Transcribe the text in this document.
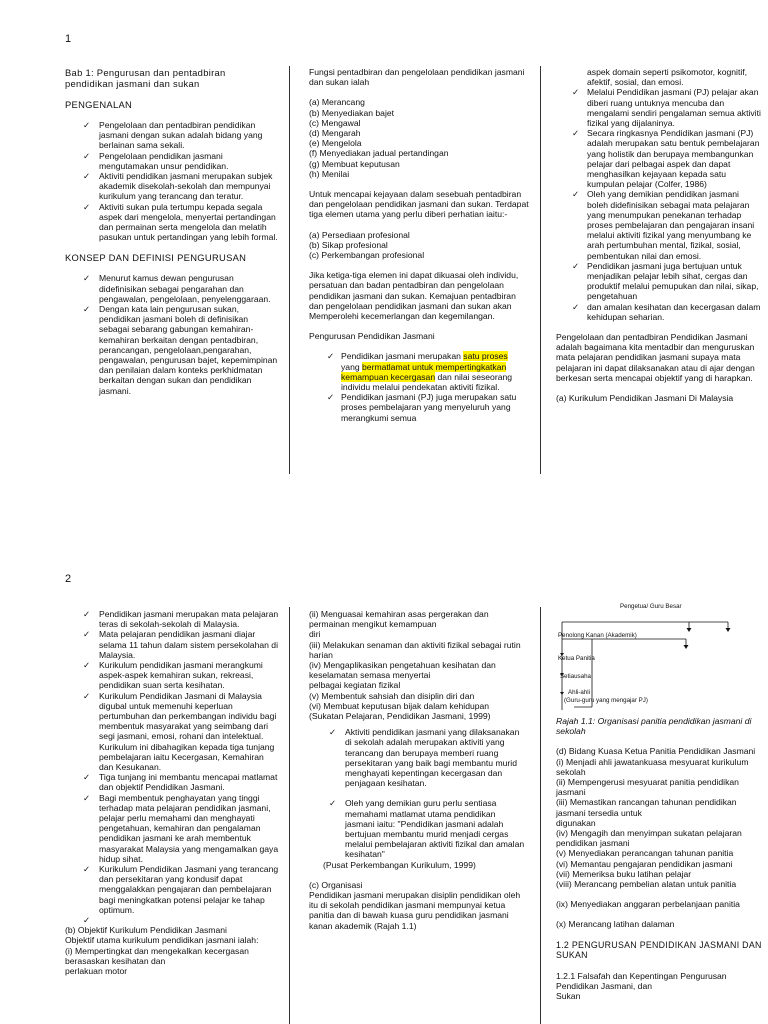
1

Bab 1: Pengurusan dan pentadbiran

pendidikan jasmani dan sukan

PENGENALAN

✓ Pengelolaan dan pentadbiran pendidikan jasmani dengan sukan adalah bidang yang berlainan sama sekali.
✓ Pengelolaan pendidikan jasmani mengutamakan unsur pendidikan.
✓ Aktiviti pendidikan jasmani merupakan subjek akademik disekolah-sekolah dan mempunyai kurikulum yang terancang dan teratur.
✓ Aktiviti sukan pula tertumpu kepada segala aspek dari mengelola, menyertai pertandingan dan permainan serta mengelola dan melatih pasukan untuk pertandingan yang lebih formal.

KONSEP DAN DEFINISI PENGURUSAN

✓ Menurut kamus dewan pengurusan didefinisikan sebagai pengarahan dan pengawalan, pengelolaan, penyelenggaraan.
✓ Dengan kata lain pengurusan sukan, pendidikan jasmani boleh di definisikan sebagai sebarang gabungan kemahiran-kemahiran berkaitan dengan pentadbiran, perancangan, pengelolaan,pengarahan, pengawalan, pengurusan bajet, kepemimpinan dan penilaian dalam konteks perkhidmatan berkaitan dengan sukan dan pendidikan jasmani.

Fungsi pentadbiran dan pengelolaan pendidikan jasmani dan sukan ialah

(a) Merancang

(b) Menyediakan bajet

(c) Mengawal

(d) Mengarah

(e) Mengelola

(f) Menyediakan jadual pertandingan

(g) Membuat keputusan

(h) Menilai

Untuk mencapai kejayaan dalam sesebuah pentadbiran dan pengelolaan pendidikan jasmani dan sukan. Terdapat tiga elemen utama yang perlu diberi perhatian iaitu:-

(a) Persediaan profesional

(b) Sikap profesional

(c) Perkembangan profesional

Jika ketiga-tiga elemen ini dapat dikuasai oleh individu, persatuan dan badan pentadbiran dan pengelolaan pendidikan jasmani dan sukan. Kemajuan pentadbiran dan pengelolaan pendidikan jasmani dan sukan akan Memperolehi kecemerlangan dan kegemilangan.

Pengurusan Pendidikan Jasmani

✓ Pendidikan jasmani merupakan satu proses yang bermatlamat untuk mempertingkatkan kemampuan kecergasan dan nilai seseorang individu melalui pendekatan aktiviti fizikal.
✓ Pendidikan jasmani (PJ) juga merupakan satu proses pembelajaran yang menyeluruh yang merangkumi semua

aspek domain seperti psikomotor, kognitif, afektif, sosial, dan emosi.

✓ Melalui Pendidikan jasmani (PJ) pelajar akan diberi ruang untuknya mencuba dan mengalami sendiri pengalaman semua aktiviti fizikal yang dijalaninya.
✓ Secara ringkasnya Pendidikan jasmani (PJ) adalah merupakan satu bentuk pembelajaran yang holistik dan berupaya membangunkan pelajar dari pelbagai aspek dan dapat menghasilkan kejayaan kepada satu kumpulan pelajar (Colfer, 1986)
✓ Oleh yang demikian pendidikan jasmani boleh didefinisikan sebagai mata pelajaran yang menumpukan penekanan terhadap proses pembelajaran dan pengajaran insani melalui aktiviti fizikal yang menyumbang ke arah pertumbuhan mental, fizikal, sosial, pembentukan nilai dan emosi.
✓ Pendidikan jasmani juga bertujuan untuk menjadikan pelajar lebih sihat, cergas dan produktif melalui pemupukan dan nilai, sikap, pengetahuan
✓ dan amalan kesihatan dan kecergasan dalam kehidupan seharian.

Pengelolaan dan pentadbiran Pendidikan Jasmani adalah bagaimana kita mentadbir dan menguruskan mata pelajaran pendidikan jasmani supaya mata pelajaran ini dapat dilaksanakan atau di ajar dengan berkesan serta mencapai objektif yang di harapkan.

(a) Kurikulum Pendidikan Jasmani Di Malaysia

2
✓ Pendidikan jasmani merupakan mata pelajaran teras di sekolah-sekolah di Malaysia.
✓ Mata pelajaran pendidikan jasmani diajar selama 11 tahun dalam sistem persekolahan di Malaysia.
✓ Kurikulum pendidikan jasmani merangkumi aspek-aspek kemahiran sukan, rekreasi, pendidikan suan serta kesihatan.
✓ Kurikulum Pendidikan Jasmani di Malaysia digubal untuk memenuhi keperluan pertumbuhan dan perkembangan individu bagi membentuk masyarakat yang seimbang dari segi jasmani, emosi, rohani dan intelektual. Kurikulum ini dibahagikan kepada tiga tunjang pembelajaran iaitu Kecergasan, Kemahiran dan Kesukanan.
✓ Tiga tunjang ini membantu mencapai matlamat dan objektif Pendidikan Jasmani.
✓ Bagi membentuk penghayatan yang tinggi terhadap mata pelajaran pendidikan jasmani, pelajar perlu memahami dan menghayati pengetahuan, kemahiran dan pengalaman pendidikan jasmani ke arah membentuk masyarakat Malaysia yang mengamalkan gaya hidup sihat.
✓ Kurikulum Pendidikan Jasmani yang terancang dan persekitaran yang kondusif dapat menggalakkan pengajaran dan pembelajaran bagi meningkatkan potensi pelajar ke tahap optimum.
✓

(b) Objektif Kurikulum Pendidikan Jasmani

Objektif utama kurikulum pendidikan jasmani ialah:

(i) Mempertingkat dan mengekalkan kecergasan berasaskan kesihatan dan

perlakuan motor

(ii) Menguasai kemahiran asas pergerakan dan permainan mengikut kemampuan

diri

(iii) Melakukan senaman dan aktiviti fizikal sebagai rutin harian

(iv) Mengaplikasikan pengetahuan kesihatan dan keselamatan semasa menyertai

pelbagai kegiatan fizikal

(v) Membentuk sahsiah dan disiplin diri dan

(vi) Membuat keputusan bijak dalam kehidupan

(Sukatan Pelajaran, Pendidikan Jasmani, 1999)

✓ Aktiviti pendidikan jasmani yang dilaksanakan di sekolah adalah merupakan aktiviti yang terancang dan berupaya memberi ruang persekitaran yang baik bagi membantu murid menghayati kepentingan kecergasan dan penjagaan kesihatan.
✓ Oleh yang demikian guru perlu sentiasa memahami matlamat utama pendidikan jasmani iaitu: "Pendidikan jasmani adalah bertujuan membantu murid menjadi cergas melalui pembelajaran aktiviti fizikal dan amalan kesihatan"

(Pusat Perkembangan Kurikulum, 1999)

(c) Organisasi

Pendidikan jasmani merupakan disiplin pendidikan oleh itu di sekolah pendidikan jasmani mempunyai ketua panitia dan di bawah kuasa guru pendidikan jasmani kanan akademik (Rajah 1.1)

Pengetua/ Guru Besar
Penolong Kanan (Akademik)
Ketua Panitia
Setiausaha
Ahli-ahli
(Guru-guru yang mengajar PJ)

Rajah 1.1: Organisasi panitia pendidikan jasmani di sekolah

(d) Bidang Kuasa Ketua Panitia Pendidikan Jasmani

(i) Menjadi ahli jawatankuasa mesyuarat kurikulum sekolah

(ii) Mempengerusi mesyuarat panitia pendidikan jasmani

(iii) Memastikan rancangan tahunan pendidikan jasmani tersedia untuk

digunakan

(iv) Mengagih dan menyimpan sukatan pelajaran pendidikan jasmani

(v) Menyediakan perancangan tahunan panitia

(vi) Memantau pengajaran pendidikan jasmani

(vii) Memeriksa buku latihan pelajar

(viii) Merancang pembelian alatan untuk panitia

(ix) Menyediakan anggaran perbelanjaan panitia

(x) Merancang latihan dalaman

1.2 PENGURUSAN PENDIDIKAN JASMANI DAN SUKAN

1.2.1 Falsafah dan Kepentingan Pengurusan Pendidikan Jasmani, dan

Sukan
